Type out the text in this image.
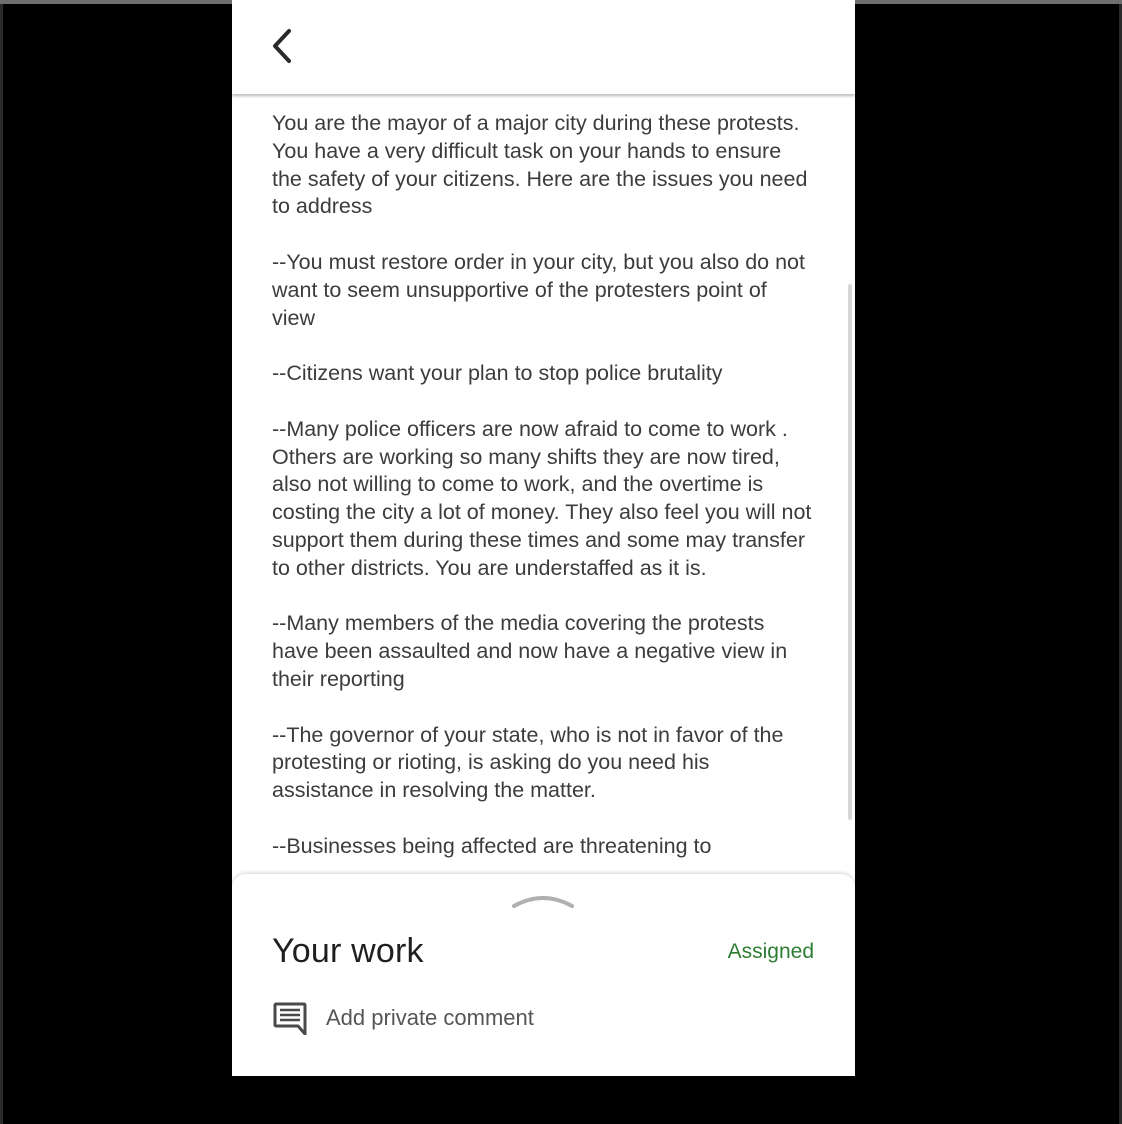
You are the mayor of a major city during these protests. You have a very difficult task on your hands to ensure the safety of your citizens. Here are the issues you need to address

--You must restore order in your city, but you also do not want to seem unsupportive of the protesters point of view

--Citizens want your plan to stop police brutality

--Many police officers are now afraid to come to work . Others are working so many shifts they are now tired, also not willing to come to work, and the overtime is costing the city a lot of money. They also feel you will not support them during these times and some may transfer to other districts. You are understaffed as it is.

--Many members of the media covering the protests have been assaulted and now have a negative view in their reporting

--The governor of your state, who is not in favor of the protesting or rioting, is asking do you need his assistance in resolving the matter.

--Businesses being affected are threatening to
Your work	Assigned
Add private comment
